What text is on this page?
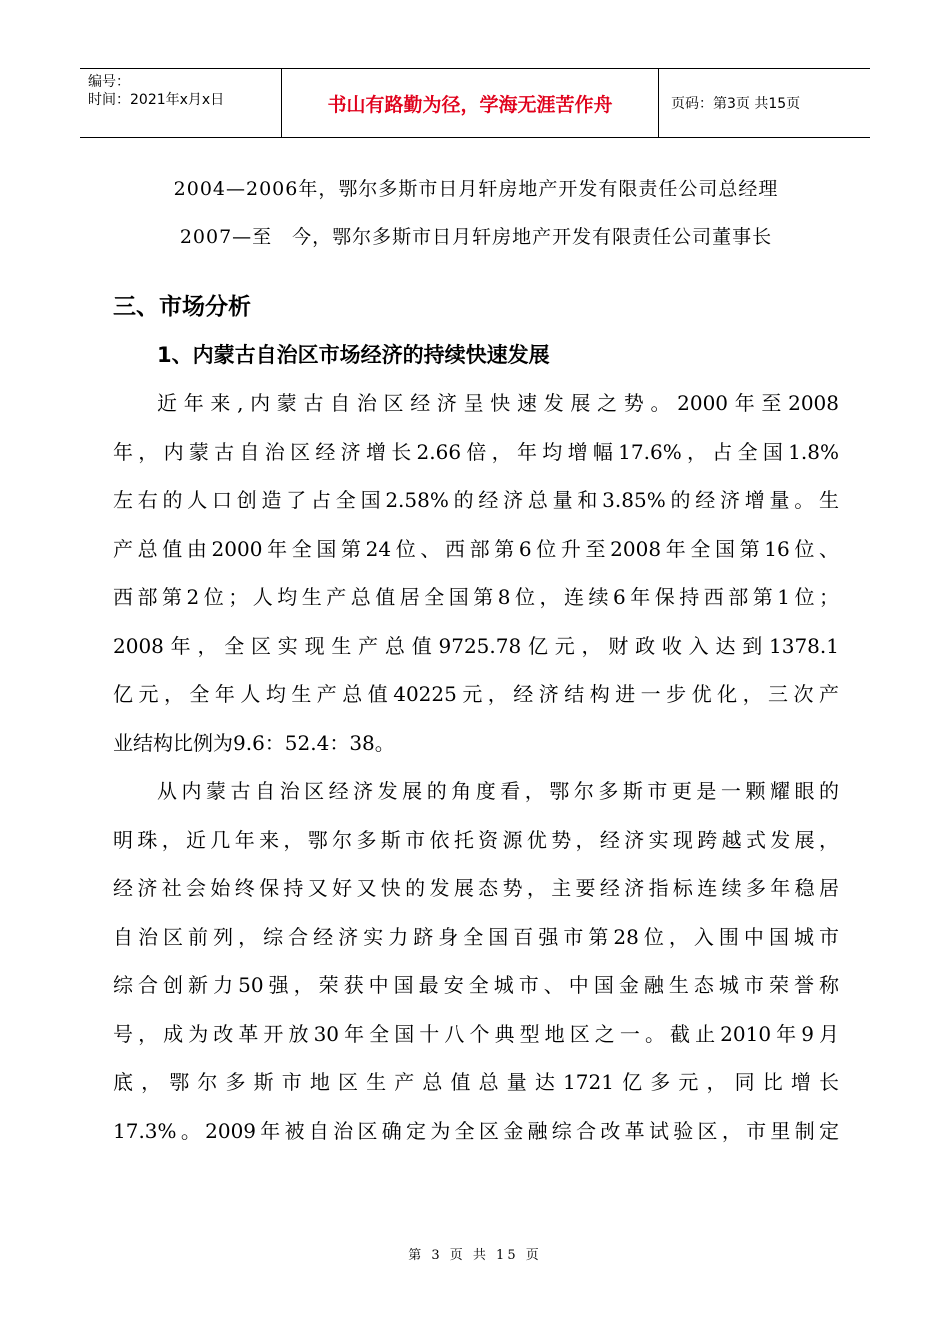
编号：
时间：2021年x月x日	书山有路勤为径，学海无涯苦作舟	页码：第3页 共15页
2004—2006年，鄂尔多斯市日月轩房地产开发有限责任公司总经理
2007—至　今，鄂尔多斯市日月轩房地产开发有限责任公司董事长
三、市场分析
1、内蒙古自治区市场经济的持续快速发展
近年来,内蒙古自治区经济呈快速发展之势。2000年至2008
年，内蒙古自治区经济增长2.66倍，年均增幅17.6%，占全国1.8%
左右的人口创造了占全国2.58%的经济总量和3.85%的经济增量。生
产总值由2000年全国第24位、西部第6位升至2008年全国第16位、
西部第2位；人均生产总值居全国第8位，连续6年保持西部第1位；
2008年，全区实现生产总值9725.78亿元，财政收入达到1378.1
亿元，全年人均生产总值40225元，经济结构进一步优化，三次产
业结构比例为9.6：52.4：38。
从内蒙古自治区经济发展的角度看，鄂尔多斯市更是一颗耀眼的
明珠，近几年来，鄂尔多斯市依托资源优势，经济实现跨越式发展，
经济社会始终保持又好又快的发展态势，主要经济指标连续多年稳居
自治区前列，综合经济实力跻身全国百强市第28位，入围中国城市
综合创新力50强，荣获中国最安全城市、中国金融生态城市荣誉称
号，成为改革开放30年全国十八个典型地区之一。截止2010年9月
底，鄂尔多斯市地区生产总值总量达1721亿多元，同比增长
17.3%。2009年被自治区确定为全区金融综合改革试验区，市里制定
第 3 页 共 15 页
